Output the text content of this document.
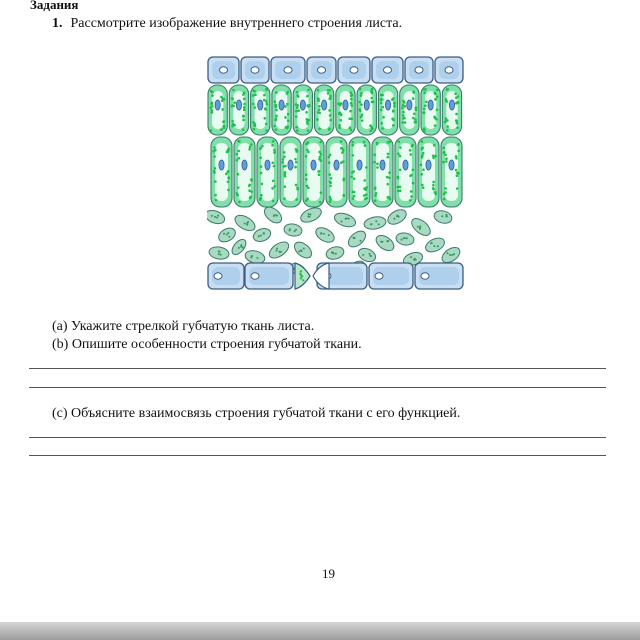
Задания
1. Рассмотрите изображение внутреннего строения листа.
(a) Укажите стрелкой губчатую ткань листа.
(b) Опишите особенности строения губчатой ткани.
(c) Объясните взаимосвязь строения губчатой ткани с его функцией.
19
